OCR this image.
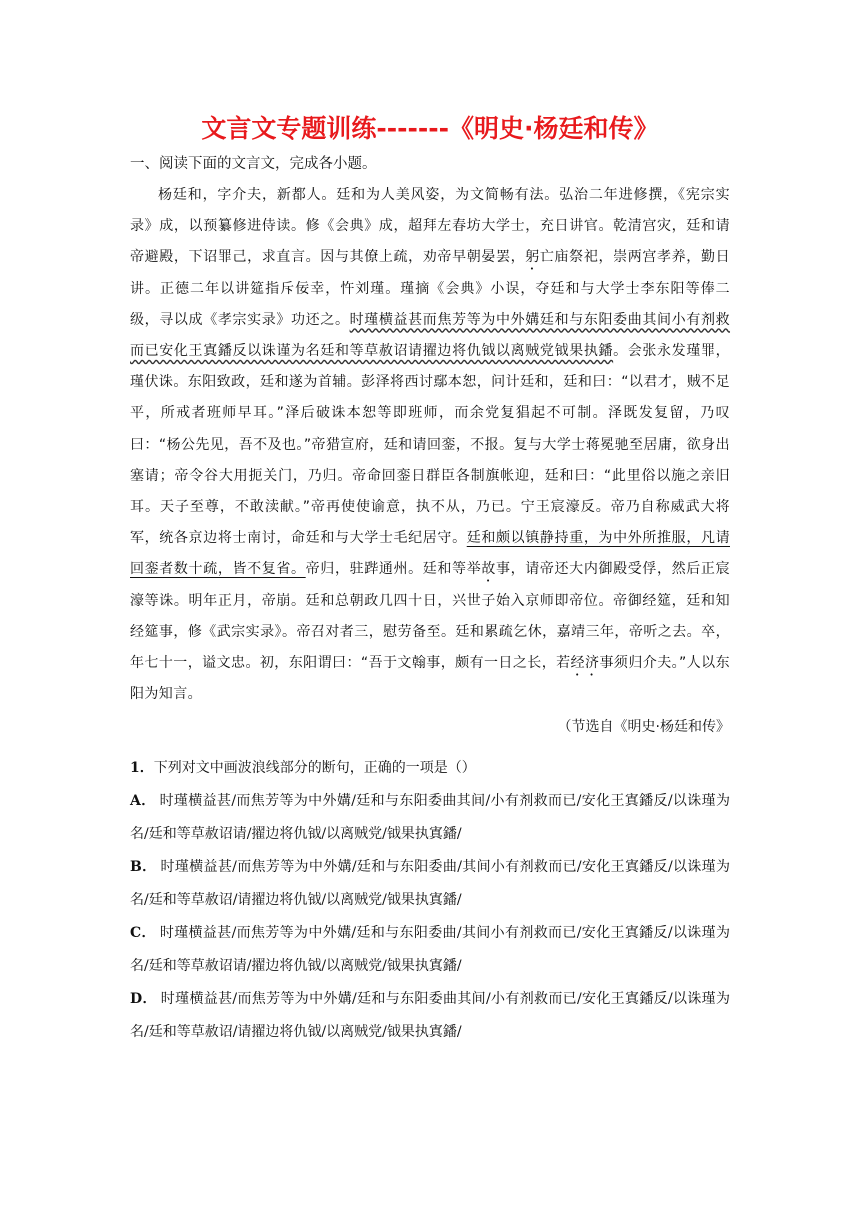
文言文专题训练-------《明史·杨廷和传》
一、阅读下面的文言文，完成各小题。

杨廷和，字介夫，新都人。廷和为人美风姿，为文简畅有法。弘治二年进修撰，《宪宗实录》成，以预纂修进侍读。修《会典》成，超拜左春坊大学士，充日讲官。乾清宫灾，廷和请帝避殿，下诏罪己，求直言。因与其僚上疏，劝帝早朝晏罢，躬亡庙祭祀，崇两宫孝养，勤日讲。正德二年以讲筵指斥佞幸，忤刘瑾。瑾摘《会典》小误，夺廷和与大学士李东阳等俸二级，寻以成《孝宗实录》功还之。时瑾横益甚而焦芳等为中外媾廷和与东阳委曲其间小有剂救而已安化王寘鐇反以诛谨为名廷和等草赦诏请擢边将仇钺以离贼党钺果执鐇。会张永发瑾罪，瑾伏诛。东阳致政，廷和遂为首辅。彭泽将西讨鄢本恕，问计廷和，廷和曰：“以君才，贼不足平，所戒者班师早耳。”泽后破诛本恕等即班师，而余党复猖起不可制。泽既发复留，乃叹曰：“杨公先见，吾不及也。”帝猎宣府，廷和请回銮，不报。复与大学士蒋冕驰至居庸，欲身出塞请；帝令谷大用扼关门，乃归。帝命回銮日群臣各制旗帐迎，廷和曰：“此里俗以施之亲旧耳。天子至尊，不敢渎献。”帝再使使谕意，执不从，乃已。宁王宸濠反。帝乃自称威武大将军，统各京边将士南讨，命廷和与大学士毛纪居守。廷和颇以镇静持重，为中外所推服，凡请回銮者数十疏，皆不复省。帝归，驻跸通州。廷和等举故事，请帝还大内御殿受俘，然后正宸濠等诛。明年正月，帝崩。廷和总朝政几四十日，兴世子始入京师即帝位。帝御经筵，廷和知经筵事，修《武宗实录》。帝召对者三，慰劳备至。廷和累疏乞休，嘉靖三年，帝听之去。卒，年七十一，谥文忠。初，东阳谓曰：“吾于文翰事，颇有一日之长，若经济事须归介夫。”人以东阳为知言。

（节选自《明史·杨廷和传》

1．下列对文中画波浪线部分的断句，正确的一项是（）

A． 时瑾横益甚/而焦芳等为中外媾/廷和与东阳委曲其间/小有剂救而已/安化王寘鐇反/以诛瑾为名/廷和等草赦诏请/擢边将仇钺/以离贼党/钺果执寘鐇/

B． 时瑾横益甚/而焦芳等为中外媾/廷和与东阳委曲/其间小有剂救而已/安化王寘鐇反/以诛瑾为名/廷和等草赦诏/请擢边将仇钺/以离贼党/钺果执寘鐇/

C． 时瑾横益甚/而焦芳等为中外媾/廷和与东阳委曲/其间小有剂救而已/安化王寘鐇反/以诛瑾为名/廷和等草赦诏请/擢边将仇钺/以离贼党/钺果执寘鐇/

D． 时瑾横益甚/而焦芳等为中外媾/廷和与东阳委曲其间/小有剂救而已/安化王寘鐇反/以诛瑾为名/廷和等草赦诏/请擢边将仇钺/以离贼党/钺果执寘鐇/
